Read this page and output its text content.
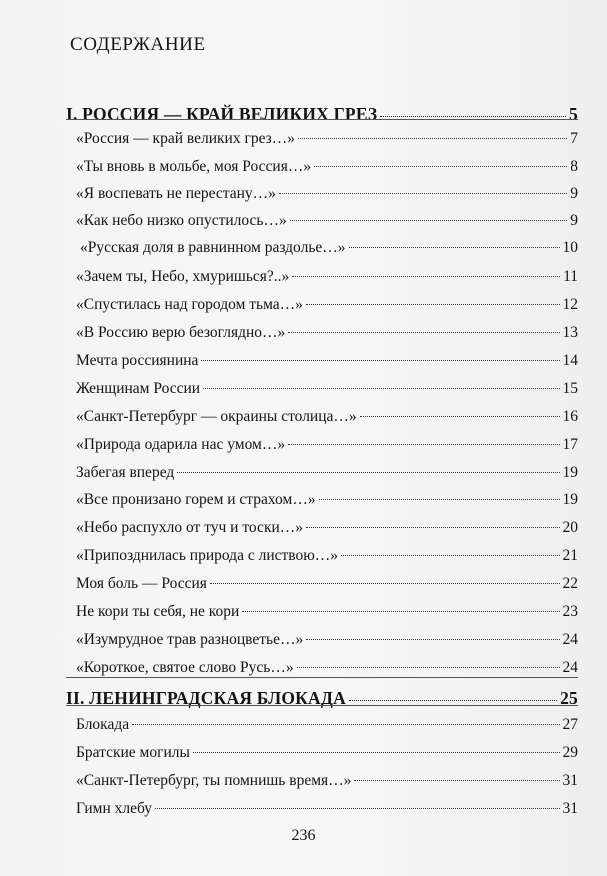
СОДЕРЖАНИЕ
I. РОССИЯ — КРАЙ ВЕЛИКИХ ГРЕЗ	5
«Россия — край великих грез…»	7
«Ты вновь в мольбе, моя Россия…»	8
«Я воспевать не перестану…»	9
«Как небо низко опустилось…»	9
«Русская доля в равнинном раздолье…»	10
«Зачем ты, Небо, хмуришься?..»	11
«Спустилась над городом тьма…»	12
«В Россию верю безоглядно…»	13
Мечта россиянина	14
Женщинам России	15
«Санкт-Петербург — окраины столица…»	16
«Природа одарила нас умом…»	17
Забегая вперед	19
«Все пронизано горем и страхом…»	19
«Небо распухло от туч и тоски…»	20
«Припозднилась природа с листвою…»	21
Моя боль — Россия	22
Не кори ты себя, не кори	23
«Изумрудное трав разноцветье…»	24
«Короткое, святое слово Русь…»	24
II. ЛЕНИНГРАДСКАЯ БЛОКАДА	25
Блокада	27
Братские могилы	29
«Санкт-Петербург, ты помнишь время…»	31
Гимн хлебу	31
236
